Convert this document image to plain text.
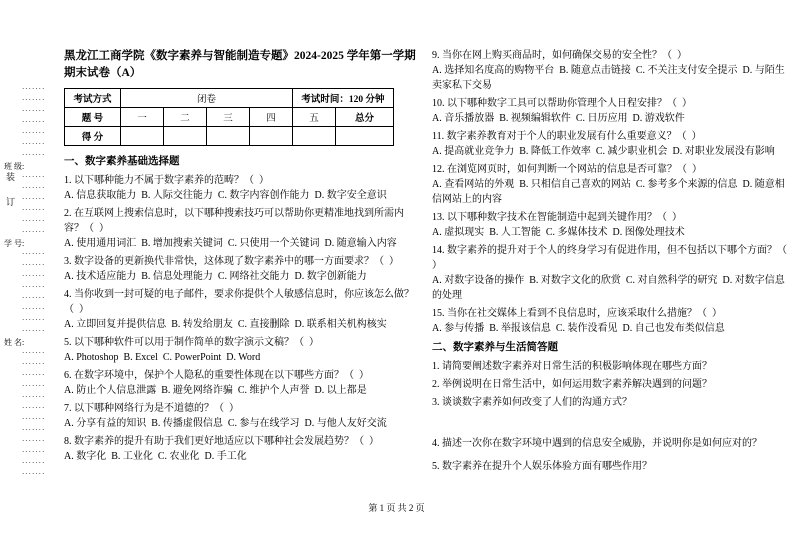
装 订
·······
·······
·······
·······
·······
·······
·······
班 级:
·······
·······
·······
·······
·······
·······
学 号:
·······
·······
·······
·······
·······
·······
·······
·······
姓 名:
·······
·······
·······
·······
·······
·······
·······
·······
·······
·······
·······
·······
黑龙江工商学院《数字素养与智能制造专题》2024-2025 学年第一学期期末试卷（A）
考试方式	闭卷				考试时间：120 分钟	
题 号	一	二	三	四	五	总分
得 分						
一、数字素养基础选择题
1. 以下哪种能力不属于数字素养的范畴？（  ）
A. 信息获取能力  B. 人际交往能力  C. 数字内容创作能力  D. 数字安全意识
2. 在互联网上搜索信息时，以下哪种搜索技巧可以帮助你更精准地找到所需内容？（  ）
A. 使用通用词汇  B. 增加搜索关键词  C. 只使用一个关键词  D. 随意输入内容
3. 数字设备的更新换代非常快，这体现了数字素养中的哪一方面要求？（  ）
A. 技术适应能力  B. 信息处理能力  C. 网络社交能力  D. 数字创新能力
4. 当你收到一封可疑的电子邮件，要求你提供个人敏感信息时，你应该怎么做？（  ）
A. 立即回复并提供信息  B. 转发给朋友  C. 直接删除  D. 联系相关机构核实
5. 以下哪种软件可以用于制作简单的数字演示文稿？（  ）
A. Photoshop  B. Excel  C. PowerPoint  D. Word
6. 在数字环境中，保护个人隐私的重要性体现在以下哪些方面？（  ）
A. 防止个人信息泄露  B. 避免网络诈骗  C. 维护个人声誉  D. 以上都是
7. 以下哪种网络行为是不道德的？（  ）
A. 分享有益的知识  B. 传播虚假信息  C. 参与在线学习  D. 与他人友好交流
8. 数字素养的提升有助于我们更好地适应以下哪种社会发展趋势？（  ）
A. 数字化  B. 工业化  C. 农业化  D. 手工化
9. 当你在网上购买商品时，如何确保交易的安全性？（  ）
A. 选择知名度高的购物平台  B. 随意点击链接  C. 不关注支付安全提示  D. 与陌生卖家私下交易
10. 以下哪种数字工具可以帮助你管理个人日程安排？（  ）
A. 音乐播放器  B. 视频编辑软件  C. 日历应用  D. 游戏软件
11. 数字素养教育对于个人的职业发展有什么重要意义？（  ）
A. 提高就业竞争力  B. 降低工作效率  C. 减少职业机会  D. 对职业发展没有影响
12. 在浏览网页时，如何判断一个网站的信息是否可靠？（  ）
A. 查看网站的外观  B. 只相信自己喜欢的网站  C. 参考多个来源的信息  D. 随意相信网站上的内容
13. 以下哪种数字技术在智能制造中起到关键作用？（  ）
A. 虚拟现实  B. 人工智能  C. 多媒体技术  D. 图像处理技术
14. 数字素养的提升对于个人的终身学习有促进作用，但不包括以下哪个方面？（  ）
A. 对数字设备的操作  B. 对数字文化的欣赏  C. 对自然科学的研究  D. 对数字信息的处理
15. 当你在社交媒体上看到不良信息时，应该采取什么措施？（  ）
A. 参与传播  B. 举报该信息  C. 装作没看见  D. 自己也发布类似信息
二、数字素养与生活简答题
1. 请简要阐述数字素养对日常生活的积极影响体现在哪些方面？
2. 举例说明在日常生活中，如何运用数字素养解决遇到的问题？
3. 谈谈数字素养如何改变了人们的沟通方式？
4. 描述一次你在数字环境中遇到的信息安全威胁，并说明你是如何应对的？
5. 数字素养在提升个人娱乐体验方面有哪些作用？
第 1 页 共 2 页
